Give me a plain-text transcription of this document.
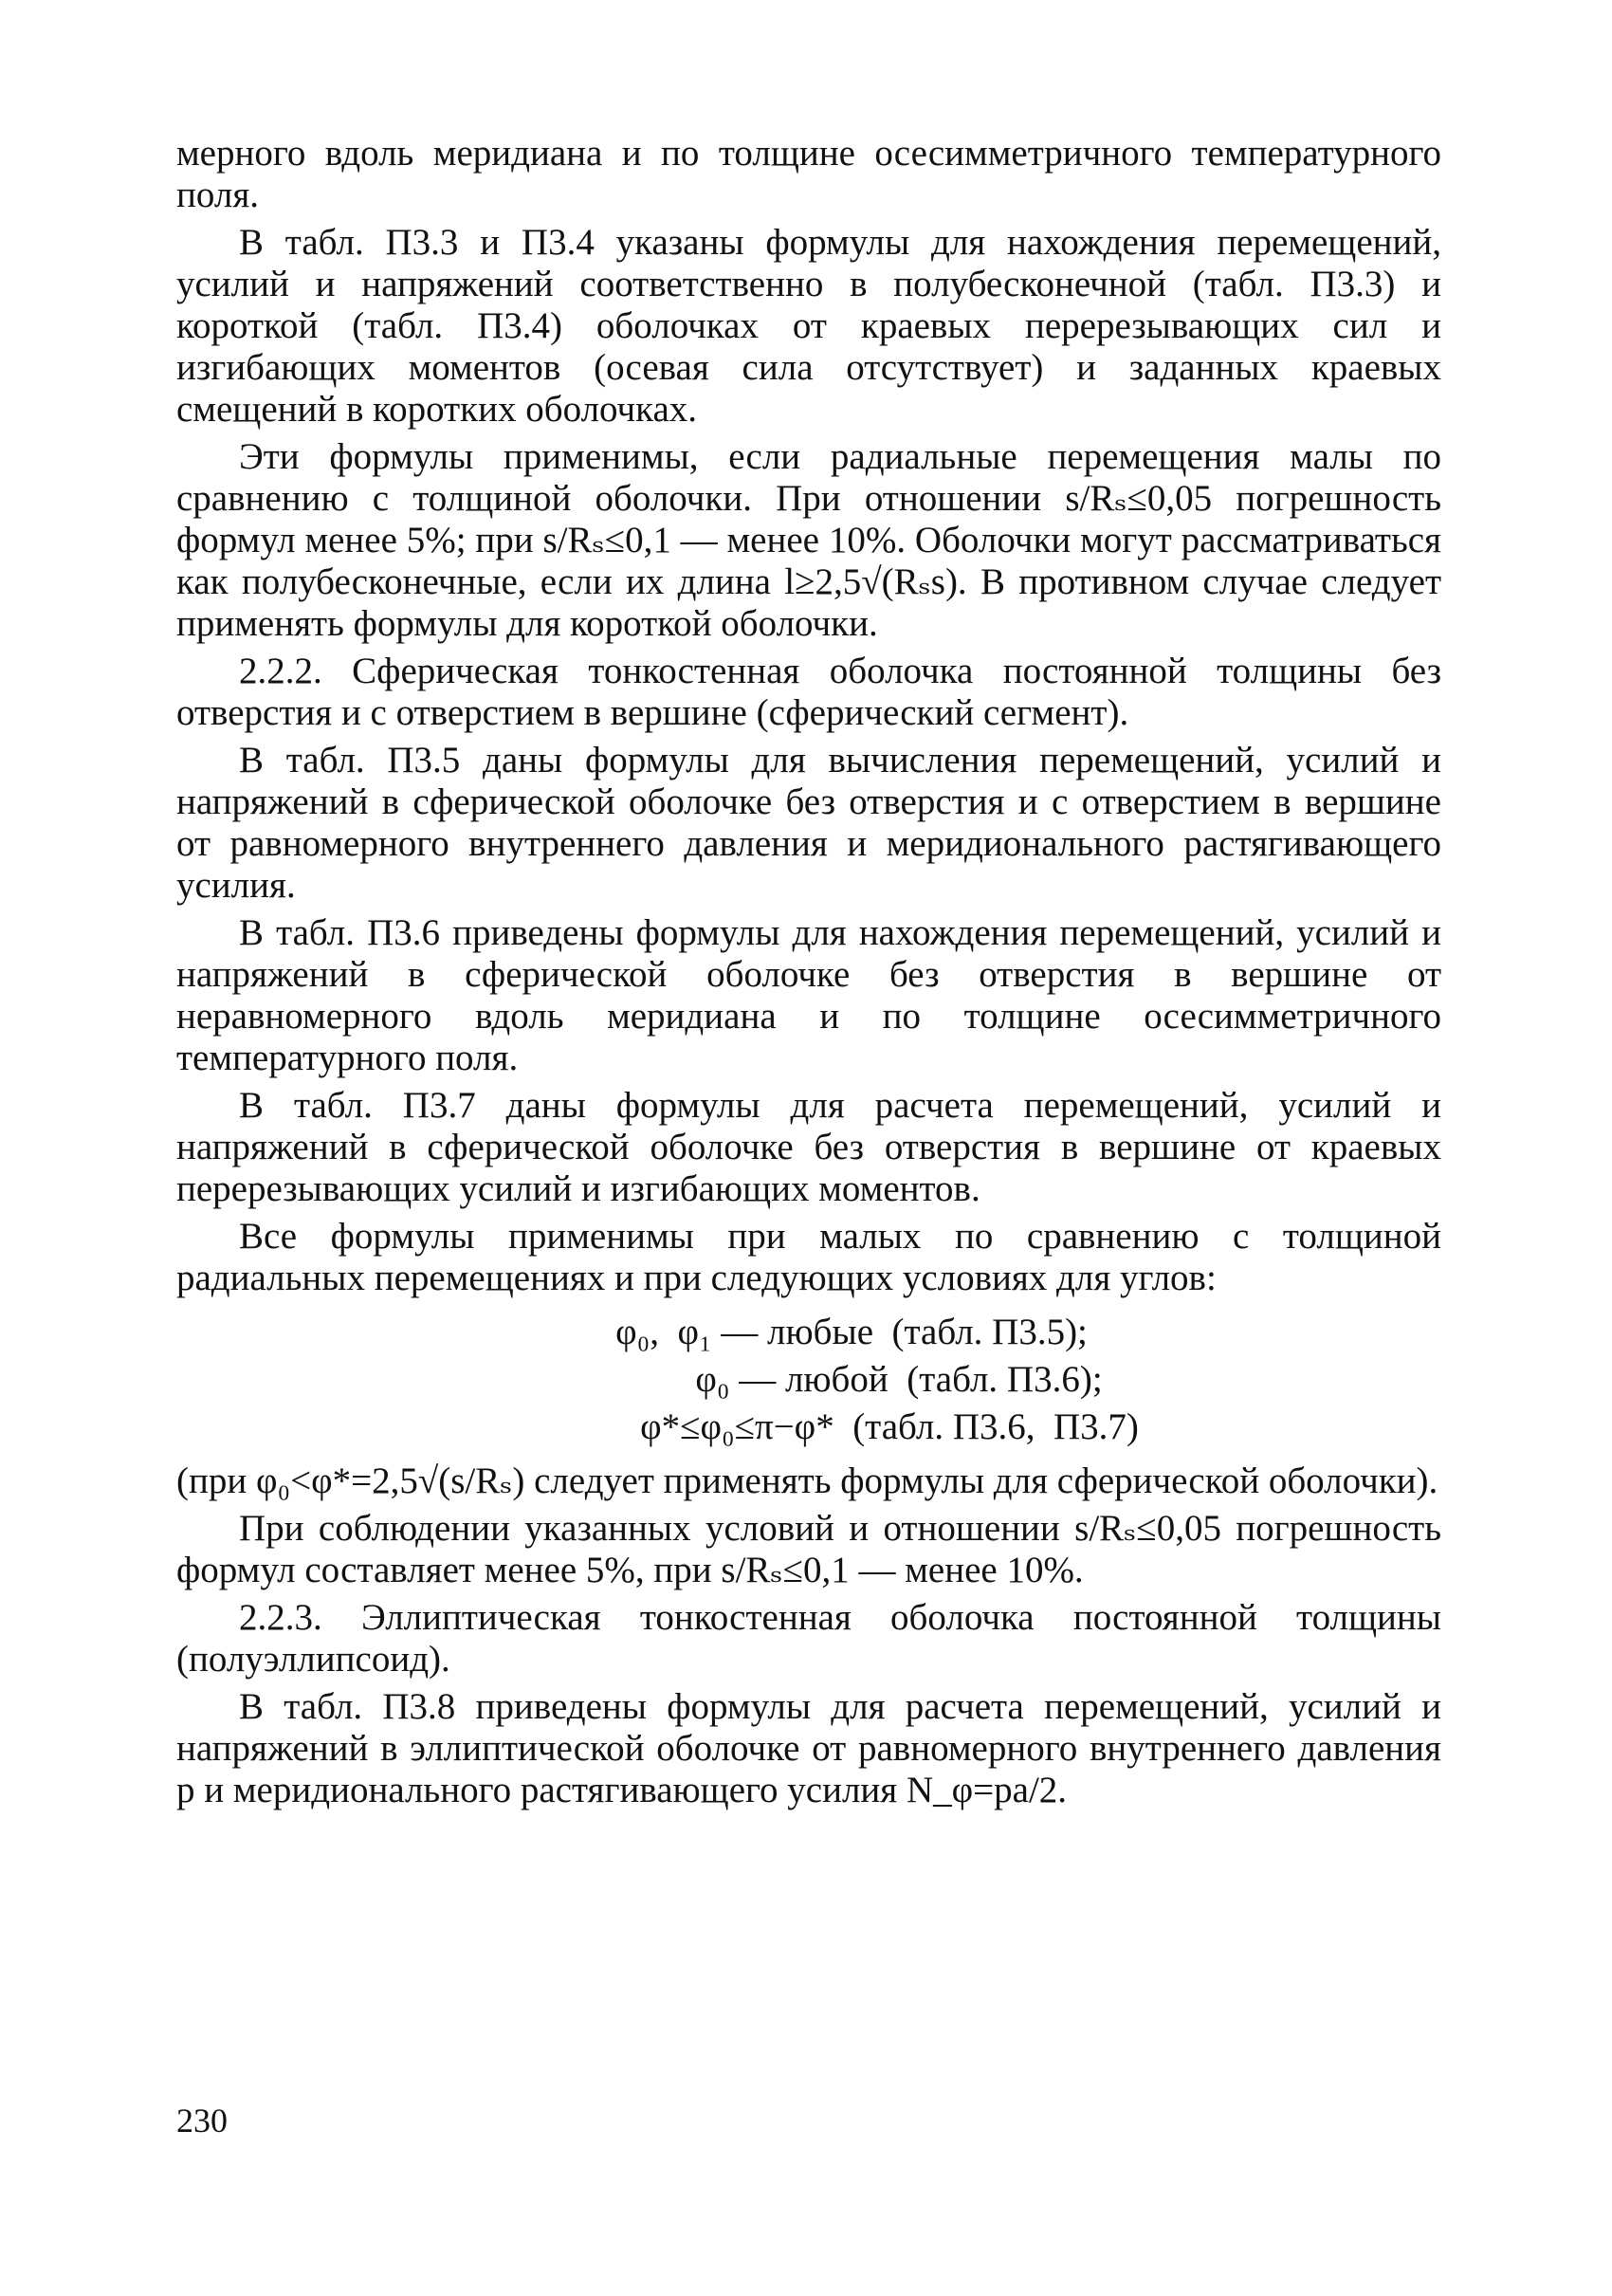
мерного вдоль меридиана и по толщине осесимметричного температурного поля.

В табл. П3.3 и П3.4 указаны формулы для нахождения перемещений, усилий и напряжений соответственно в полубесконечной (табл. П3.3) и короткой (табл. П3.4) оболочках от краевых перерезывающих сил и изгибающих моментов (осевая сила отсутствует) и заданных краевых смещений в коротких оболочках.

Эти формулы применимы, если радиальные перемещения малы по сравнению с толщиной оболочки. При отношении s/Rₛ≤0,05 погрешность формул менее 5%; при s/Rₛ≤0,1 — менее 10%. Оболочки могут рассматриваться как полубесконечные, если их длина l≥2,5√(Rₛs). В противном случае следует применять формулы для короткой оболочки.

2.2.2. Сферическая тонкостенная оболочка постоянной толщины без отверстия и с отверстием в вершине (сферический сегмент).

В табл. П3.5 даны формулы для вычисления перемещений, усилий и напряжений в сферической оболочке без отверстия и с отверстием в вершине от равномерного внутреннего давления и меридионального растягивающего усилия.

В табл. П3.6 приведены формулы для нахождения перемещений, усилий и напряжений в сферической оболочке без отверстия в вершине от неравномерного вдоль меридиана и по толщине осесимметричного температурного поля.

В табл. П3.7 даны формулы для расчета перемещений, усилий и напряжений в сферической оболочке без отверстия в вершине от краевых перерезывающих усилий и изгибающих моментов.

Все формулы применимы при малых по сравнению с толщиной радиальных перемещениях и при следующих условиях для углов:

φ₀,  φ₁ — любые  (табл. П3.5);
φ₀ — любой  (табл. П3.6);
φ*≤φ₀≤π−φ*  (табл. П3.6,  П3.7)

(при φ₀<φ*=2,5√(s/Rₛ) следует применять формулы для сферической оболочки).

При соблюдении указанных условий и отношении s/Rₛ≤0,05 погрешность формул составляет менее 5%, при s/Rₛ≤0,1 — менее 10%.

2.2.3. Эллиптическая тонкостенная оболочка постоянной толщины (полуэллипсоид).

В табл. П3.8 приведены формулы для расчета перемещений, усилий и напряжений в эллиптической оболочке от равномерного внутреннего давления p и меридионального растягивающего усилия N_φ=pa/2.

230
